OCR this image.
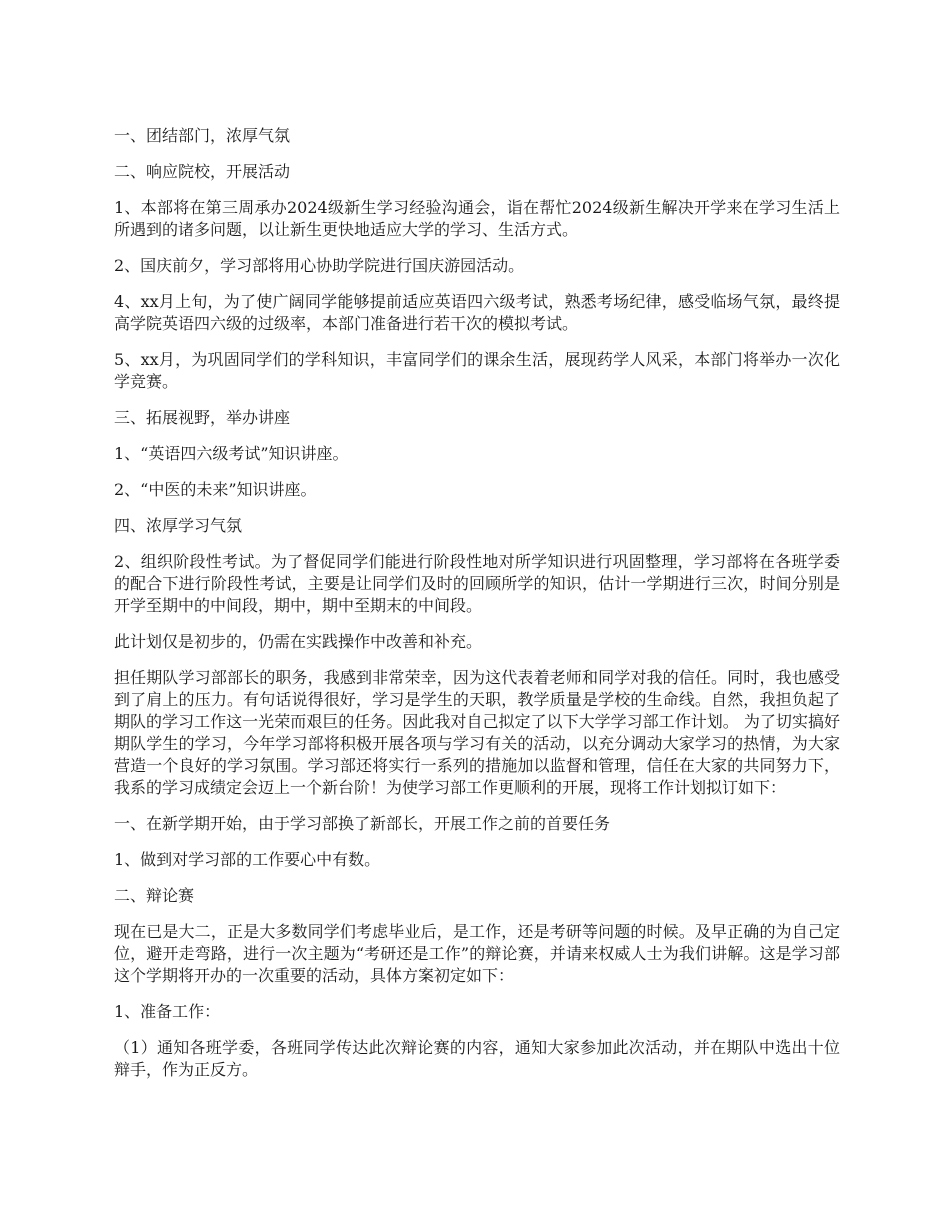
一、团结部门，浓厚气氛

二、响应院校，开展活动

1、本部将在第三周承办2024级新生学习经验沟通会，诣在帮忙2024级新生解决开学来在学习生活上所遇到的诸多问题，以让新生更快地适应大学的学习、生活方式。

2、国庆前夕，学习部将用心协助学院进行国庆游园活动。

4、xx月上旬，为了使广阔同学能够提前适应英语四六级考试，熟悉考场纪律，感受临场气氛，最终提高学院英语四六级的过级率，本部门准备进行若干次的模拟考试。

5、xx月，为巩固同学们的学科知识，丰富同学们的课余生活，展现药学人风采，本部门将举办一次化学竞赛。

三、拓展视野，举办讲座

1、“英语四六级考试”知识讲座。

2、“中医的未来”知识讲座。

四、浓厚学习气氛

2、组织阶段性考试。为了督促同学们能进行阶段性地对所学知识进行巩固整理，学习部将在各班学委的配合下进行阶段性考试，主要是让同学们及时的回顾所学的知识，估计一学期进行三次，时间分别是开学至期中的中间段，期中，期中至期末的中间段。

此计划仅是初步的，仍需在实践操作中改善和补充。

担任期队学习部部长的职务，我感到非常荣幸，因为这代表着老师和同学对我的信任。同时，我也感受到了肩上的压力。有句话说得很好，学习是学生的天职，教学质量是学校的生命线。自然，我担负起了期队的学习工作这一光荣而艰巨的任务。因此我对自己拟定了以下大学学习部工作计划。 为了切实搞好期队学生的学习，今年学习部将积极开展各项与学习有关的活动，以充分调动大家学习的热情，为大家营造一个良好的学习氛围。学习部还将实行一系列的措施加以监督和管理，信任在大家的共同努力下，我系的学习成绩定会迈上一个新台阶！为使学习部工作更顺利的开展，现将工作计划拟订如下：

一、在新学期开始，由于学习部换了新部长，开展工作之前的首要任务

1、做到对学习部的工作要心中有数。

二、辩论赛

现在已是大二，正是大多数同学们考虑毕业后，是工作，还是考研等问题的时候。及早正确的为自己定位，避开走弯路，进行一次主题为“考研还是工作”的辩论赛，并请来权威人士为我们讲解。这是学习部这个学期将开办的一次重要的活动，具体方案初定如下：

1、准备工作：

（1）通知各班学委，各班同学传达此次辩论赛的内容，通知大家参加此次活动，并在期队中选出十位辩手，作为正反方。
